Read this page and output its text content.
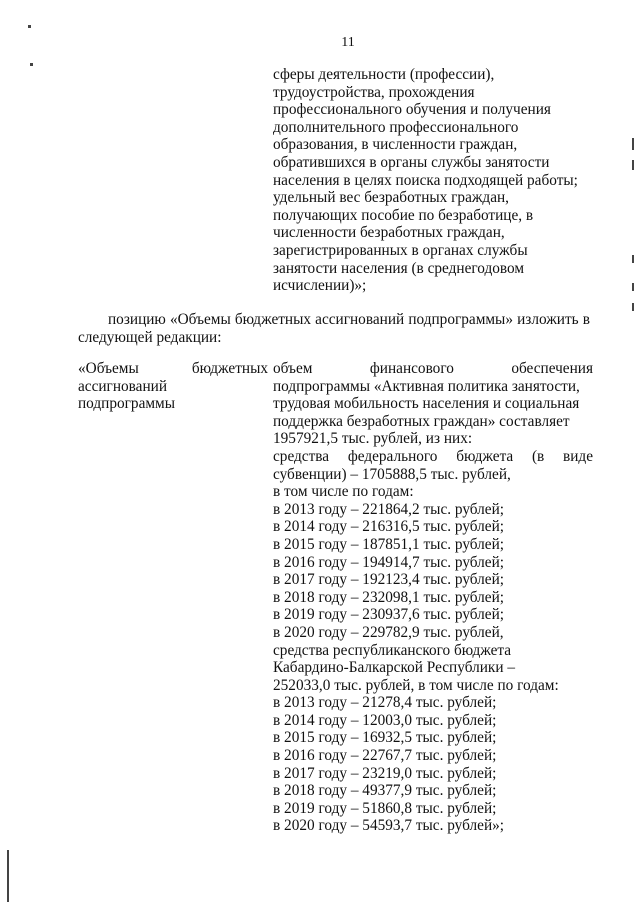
11
сферы деятельности (профессии),
трудоустройства, прохождения
профессионального обучения и получения
дополнительного профессионального
образования, в численности граждан,
обратившихся в органы службы занятости
населения в целях поиска подходящей работы;
удельный вес безработных граждан,
получающих пособие по безработице, в
численности безработных граждан,
зарегистрированных в органах службы
занятости населения (в среднегодовом
исчислении)»;
позицию «Объемы бюджетных ассигнований подпрограммы» изложить в
следующей редакции:
«Объемы бюджетных
ассигнований
подпрограммы
объем финансового обеспечения
подпрограммы «Активная политика занятости,
трудовая мобильность населения и социальная
поддержка безработных граждан» составляет
1957921,5 тыс. рублей, из них:
средства федерального бюджета (в виде
субвенции) – 1705888,5 тыс. рублей,
в том числе по годам:
в 2013 году – 221864,2 тыс. рублей;
в 2014 году – 216316,5 тыс. рублей;
в 2015 году – 187851,1 тыс. рублей;
в 2016 году – 194914,7 тыс. рублей;
в 2017 году – 192123,4 тыс. рублей;
в 2018 году – 232098,1 тыс. рублей;
в 2019 году – 230937,6 тыс. рублей;
в 2020 году – 229782,9 тыс. рублей,
средства республиканского бюджета
Кабардино-Балкарской Республики –
252033,0 тыс. рублей, в том числе по годам:
в 2013 году – 21278,4 тыс. рублей;
в 2014 году – 12003,0 тыс. рублей;
в 2015 году – 16932,5 тыс. рублей;
в 2016 году – 22767,7 тыс. рублей;
в 2017 году – 23219,0 тыс. рублей;
в 2018 году – 49377,9 тыс. рублей;
в 2019 году – 51860,8 тыс. рублей;
в 2020 году – 54593,7 тыс. рублей»;
